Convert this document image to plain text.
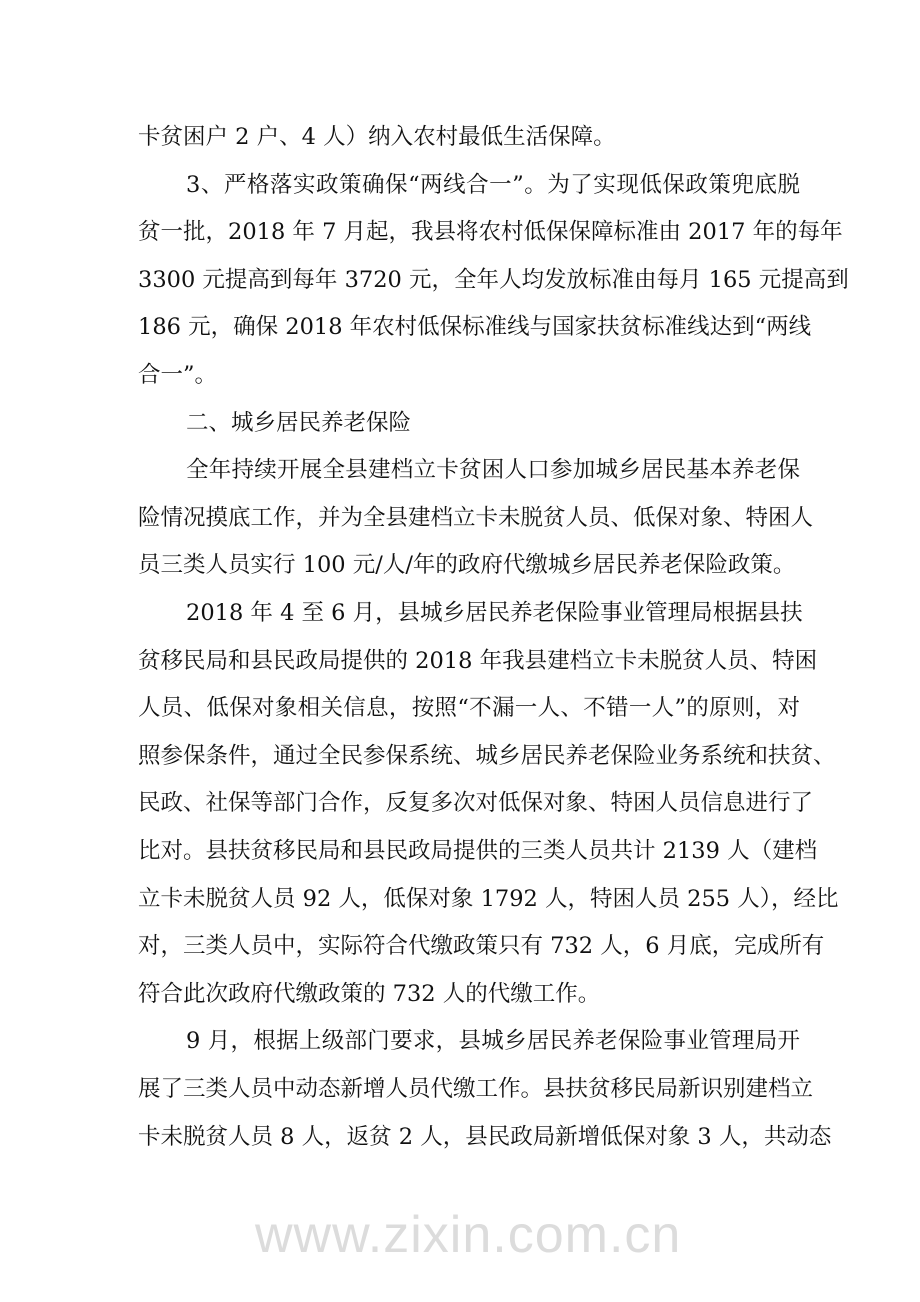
www.zixin.com.cn
卡贫困户 2 户、4 人）纳入农村最低生活保障。
3、严格落实政策确保“两线合一”。为了实现低保政策兜底脱
贫一批，2018 年 7 月起，我县将农村低保保障标准由 2017 年的每年
3300 元提高到每年 3720 元，全年人均发放标准由每月 165 元提高到
186 元，确保 2018 年农村低保标准线与国家扶贫标准线达到“两线
合一”。
二、城乡居民养老保险
全年持续开展全县建档立卡贫困人口参加城乡居民基本养老保
险情况摸底工作，并为全县建档立卡未脱贫人员、低保对象、特困人
员三类人员实行 100 元/人/年的政府代缴城乡居民养老保险政策。
2018 年 4 至 6 月，县城乡居民养老保险事业管理局根据县扶
贫移民局和县民政局提供的 2018 年我县建档立卡未脱贫人员、特困
人员、低保对象相关信息，按照“不漏一人、不错一人”的原则，对
照参保条件，通过全民参保系统、城乡居民养老保险业务系统和扶贫、
民政、社保等部门合作，反复多次对低保对象、特困人员信息进行了
比对。县扶贫移民局和县民政局提供的三类人员共计 2139 人（建档
立卡未脱贫人员 92 人，低保对象 1792 人，特困人员 255 人），经比
对，三类人员中，实际符合代缴政策只有 732 人，6 月底，完成所有
符合此次政府代缴政策的 732 人的代缴工作。
9 月，根据上级部门要求，县城乡居民养老保险事业管理局开
展了三类人员中动态新增人员代缴工作。县扶贫移民局新识别建档立
卡未脱贫人员 8 人，返贫 2 人，县民政局新增低保对象 3 人，共动态
